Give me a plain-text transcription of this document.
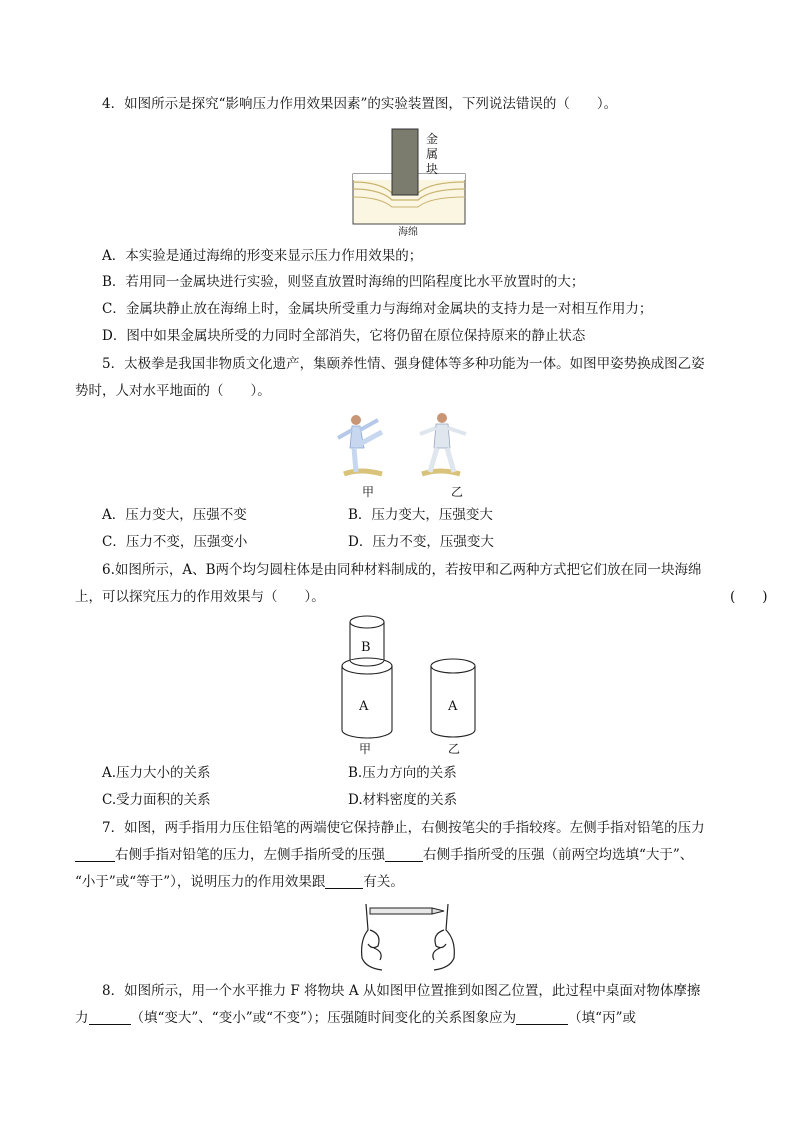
4．如图所示是探究“影响压力作用效果因素”的实验装置图，下列说法错误的（　　）。
金
属
块
海绵
A．本实验是通过海绵的形变来显示压力作用效果的；
B．若用同一金属块进行实验，则竖直放置时海绵的凹陷程度比水平放置时的大；
C．金属块静止放在海绵上时，金属块所受重力与海绵对金属块的支持力是一对相互作用力；
D．图中如果金属块所受的力同时全部消失，它将仍留在原位保持原来的静止状态
5．太极拳是我国非物质文化遗产，集颐养性情、强身健体等多种功能为一体。如图甲姿势换成图乙姿
势时，人对水平地面的（　　）。
甲	乙
A．压力变大，压强不变	B．压力变大，压强变大
C．压力不变，压强变小	D．压力不变，压强变大
6.如图所示，A、B两个均匀圆柱体是由同种材料制成的，若按甲和乙两种方式把它们放在同一块海绵
上，可以探究压力的作用效果与（　　）。	(　　)
B
A	A
甲	乙
A.压力大小的关系	B.压力方向的关系
C.受力面积的关系	D.材料密度的关系
7．如图，两手指用力压住铅笔的两端使它保持静止，右侧按笔尖的手指较疼。左侧手指对铅笔的压力
右侧手指对铅笔的压力，左侧手指所受的压强	右侧手指所受的压强（前两空均选填“大于”、
“小于”或“等于”），说明压力的作用效果跟	有关。
8．如图所示，用一个水平推力 F 将物块 A 从如图甲位置推到如图乙位置，此过程中桌面对物体摩擦
力	（填“变大”、“变小”或“不变”）；压强随时间变化的关系图象应为	（填“丙”或
